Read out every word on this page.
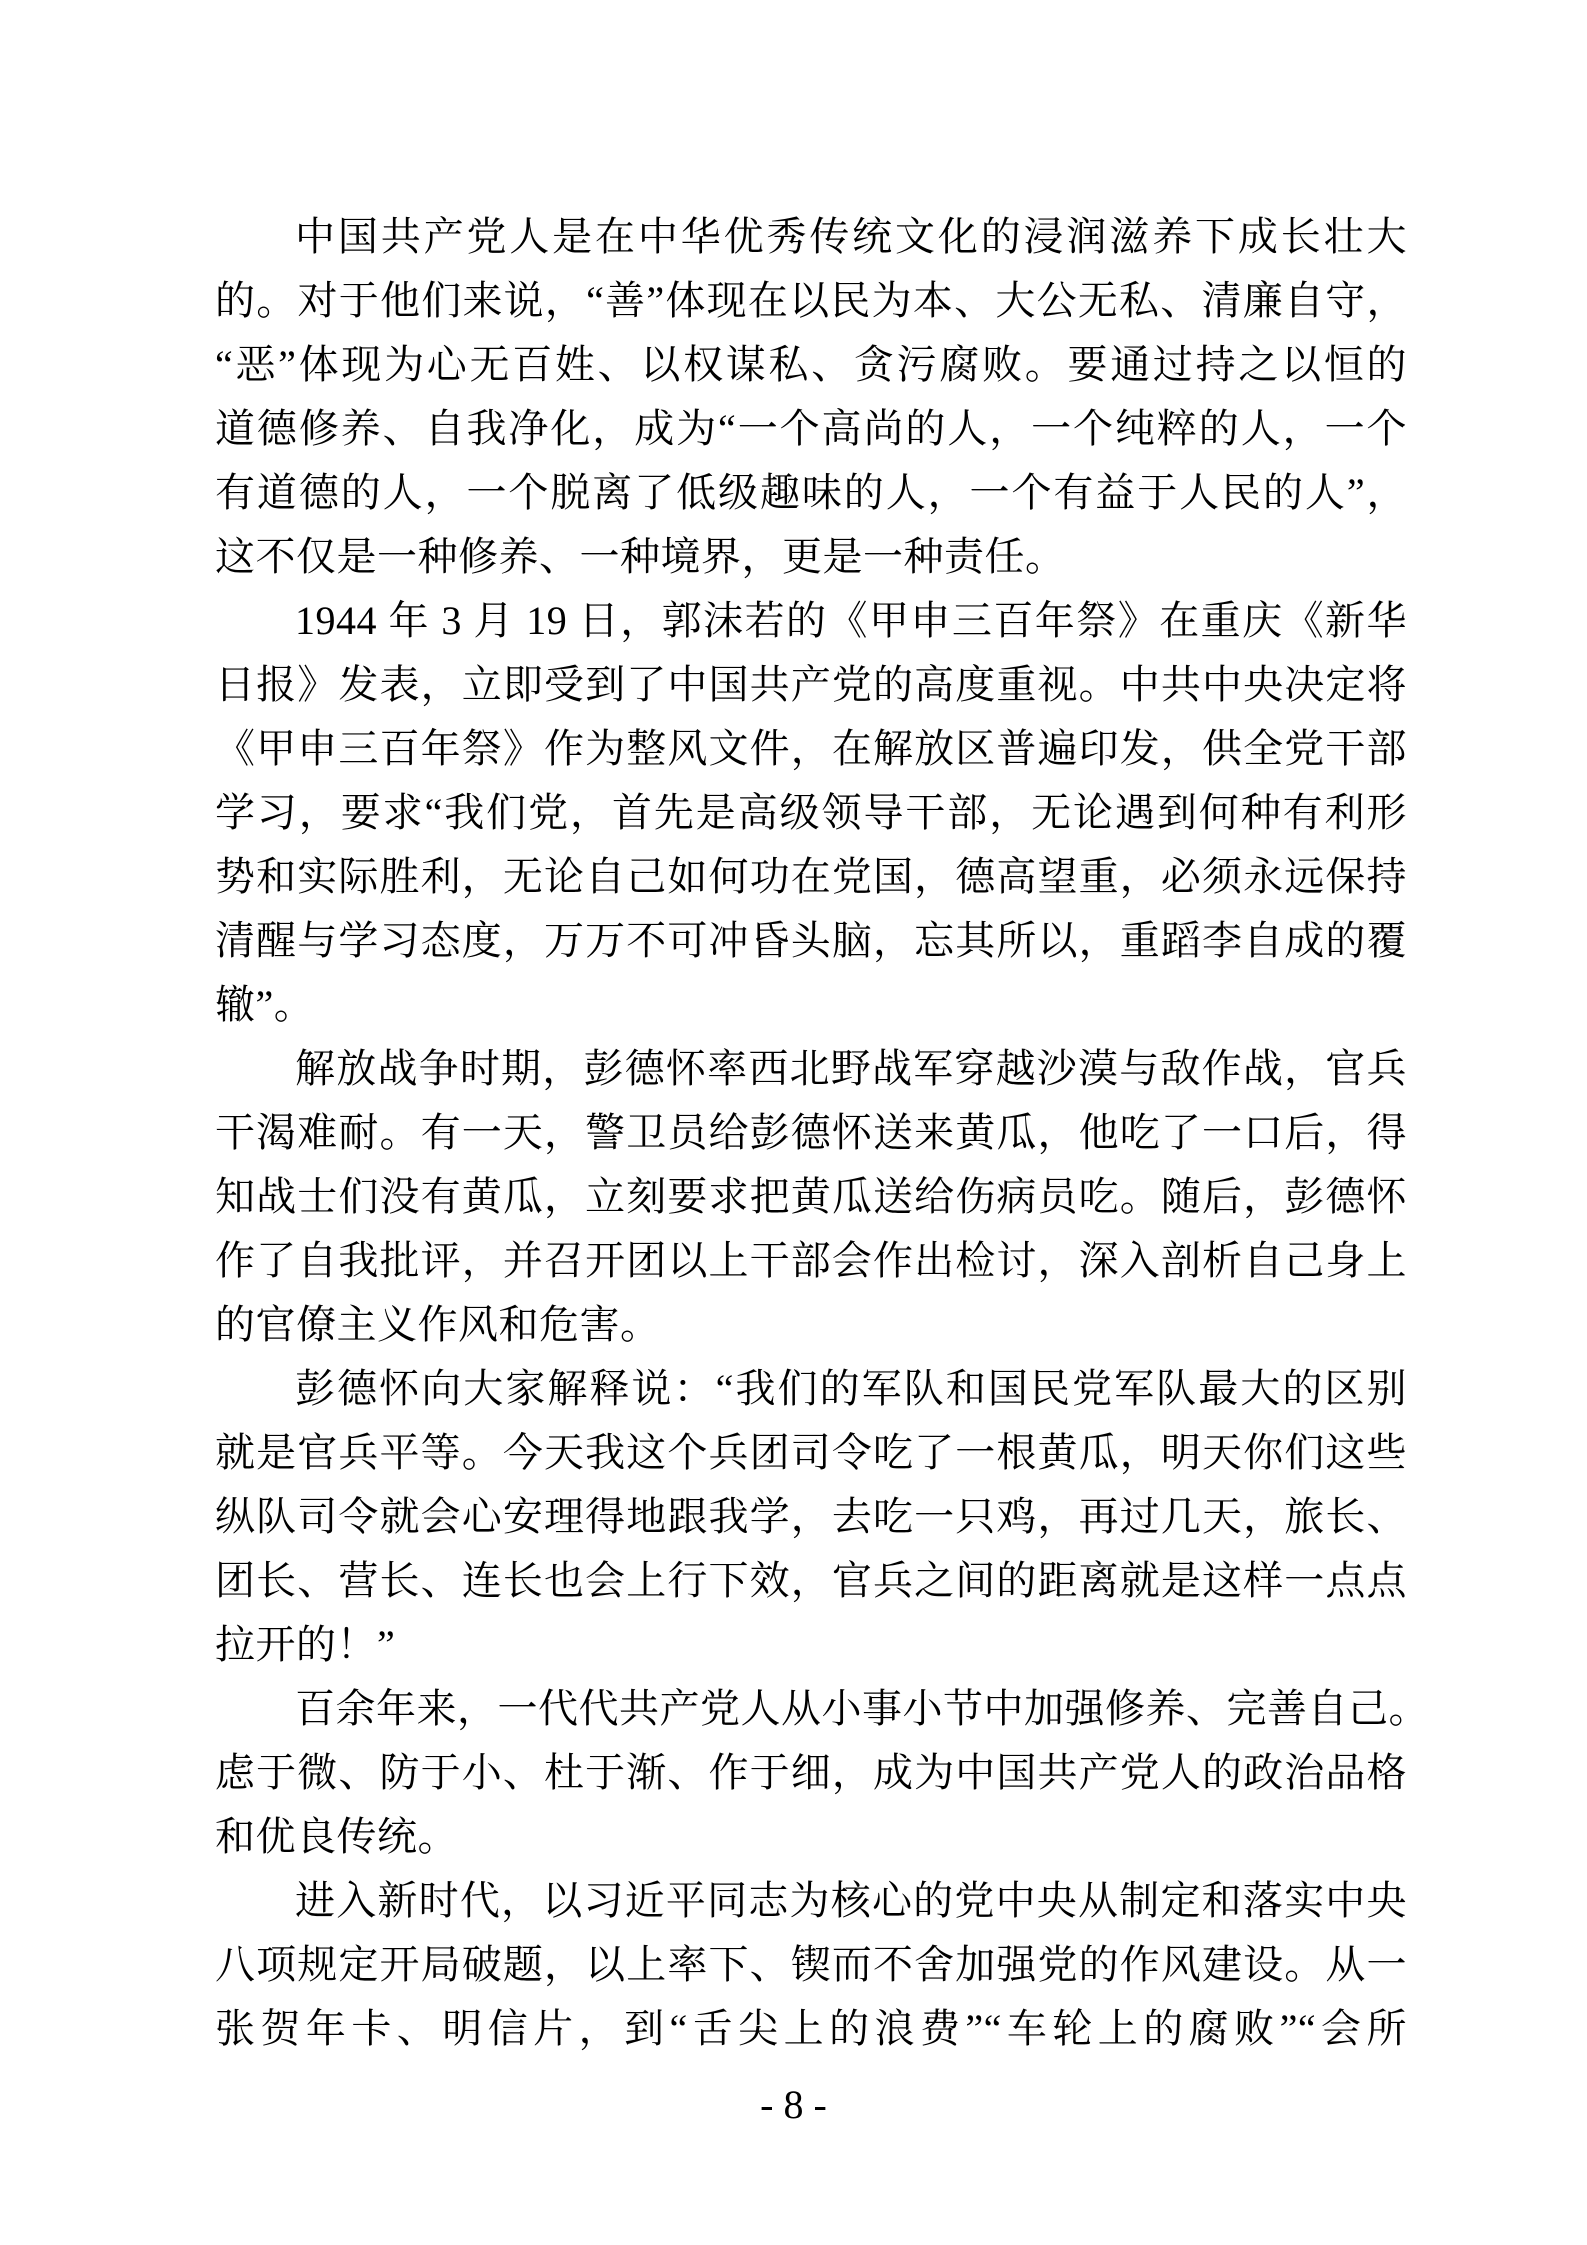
中国共产党人是在中华优秀传统文化的浸润滋养下成长壮大
的。对于他们来说，“善”体现在以民为本、大公无私、清廉自守，
“恶”体现为心无百姓、以权谋私、贪污腐败。要通过持之以恒的
道德修养、自我净化，成为“一个高尚的人，一个纯粹的人，一个
有道德的人，一个脱离了低级趣味的人，一个有益于人民的人”，
这不仅是一种修养、一种境界，更是一种责任。
1944 年 3 月 19 日，郭沫若的《甲申三百年祭》在重庆《新华
日报》发表，立即受到了中国共产党的高度重视。中共中央决定将
《甲申三百年祭》作为整风文件，在解放区普遍印发，供全党干部
学习，要求“我们党，首先是高级领导干部，无论遇到何种有利形
势和实际胜利，无论自己如何功在党国，德高望重，必须永远保持
清醒与学习态度，万万不可冲昏头脑，忘其所以，重蹈李自成的覆
辙”。
解放战争时期，彭德怀率西北野战军穿越沙漠与敌作战，官兵
干渴难耐。有一天，警卫员给彭德怀送来黄瓜，他吃了一口后，得
知战士们没有黄瓜，立刻要求把黄瓜送给伤病员吃。随后，彭德怀
作了自我批评，并召开团以上干部会作出检讨，深入剖析自己身上
的官僚主义作风和危害。
彭德怀向大家解释说：“我们的军队和国民党军队最大的区别
就是官兵平等。今天我这个兵团司令吃了一根黄瓜，明天你们这些
纵队司令就会心安理得地跟我学，去吃一只鸡，再过几天，旅长、
团长、营长、连长也会上行下效，官兵之间的距离就是这样一点点
拉开的！”
百余年来，一代代共产党人从小事小节中加强修养、完善自己。
虑于微、防于小、杜于渐、作于细，成为中国共产党人的政治品格
和优良传统。
进入新时代，以习近平同志为核心的党中央从制定和落实中央
八项规定开局破题，以上率下、锲而不舍加强党的作风建设。从一
张贺年卡、明信片，到“舌尖上的浪费”“车轮上的腐败”“会所
- 8 -
